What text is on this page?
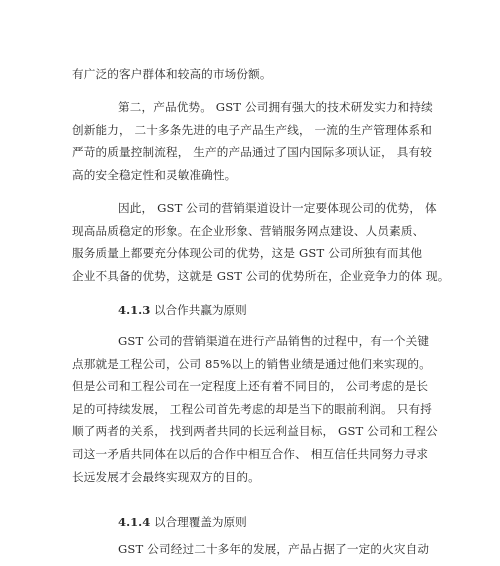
有广泛的客户群体和较高的市场份额。
第二，产品优势。 GST 公司拥有强大的技术研发实力和持续
创新能力， 二十多条先进的电子产品生产线， 一流的生产管理体系和
严苛的质量控制流程， 生产的产品通过了国内国际多项认证， 具有较
高的安全稳定性和灵敏准确性。
因此， GST 公司的营销渠道设计一定要体现公司的优势， 体
现高品质稳定的形象。在企业形象、营销服务网点建设、人员素质、
服务质量上都要充分体现公司的优势，这是 GST 公司所独有而其他
企业不具备的优势，这就是 GST 公司的优势所在，企业竞争力的体 现。
4.1.3 以合作共赢为原则
GST 公司的营销渠道在进行产品销售的过程中，有一个关键
点那就是工程公司，公司 85%以上的销售业绩是通过他们来实现的。
但是公司和工程公司在一定程度上还有着不同目的， 公司考虑的是长
足的可持续发展， 工程公司首先考虑的却是当下的眼前利润。 只有捋
顺了两者的关系， 找到两者共同的长远利益目标， GST 公司和工程公
司这一矛盾共同体在以后的合作中相互合作、 相互信任共同努力寻求
长远发展才会最终实现双方的目的。
4.1.4 以合理覆盖为原则
GST 公司经过二十多年的发展，产品占据了一定的火灾自动
